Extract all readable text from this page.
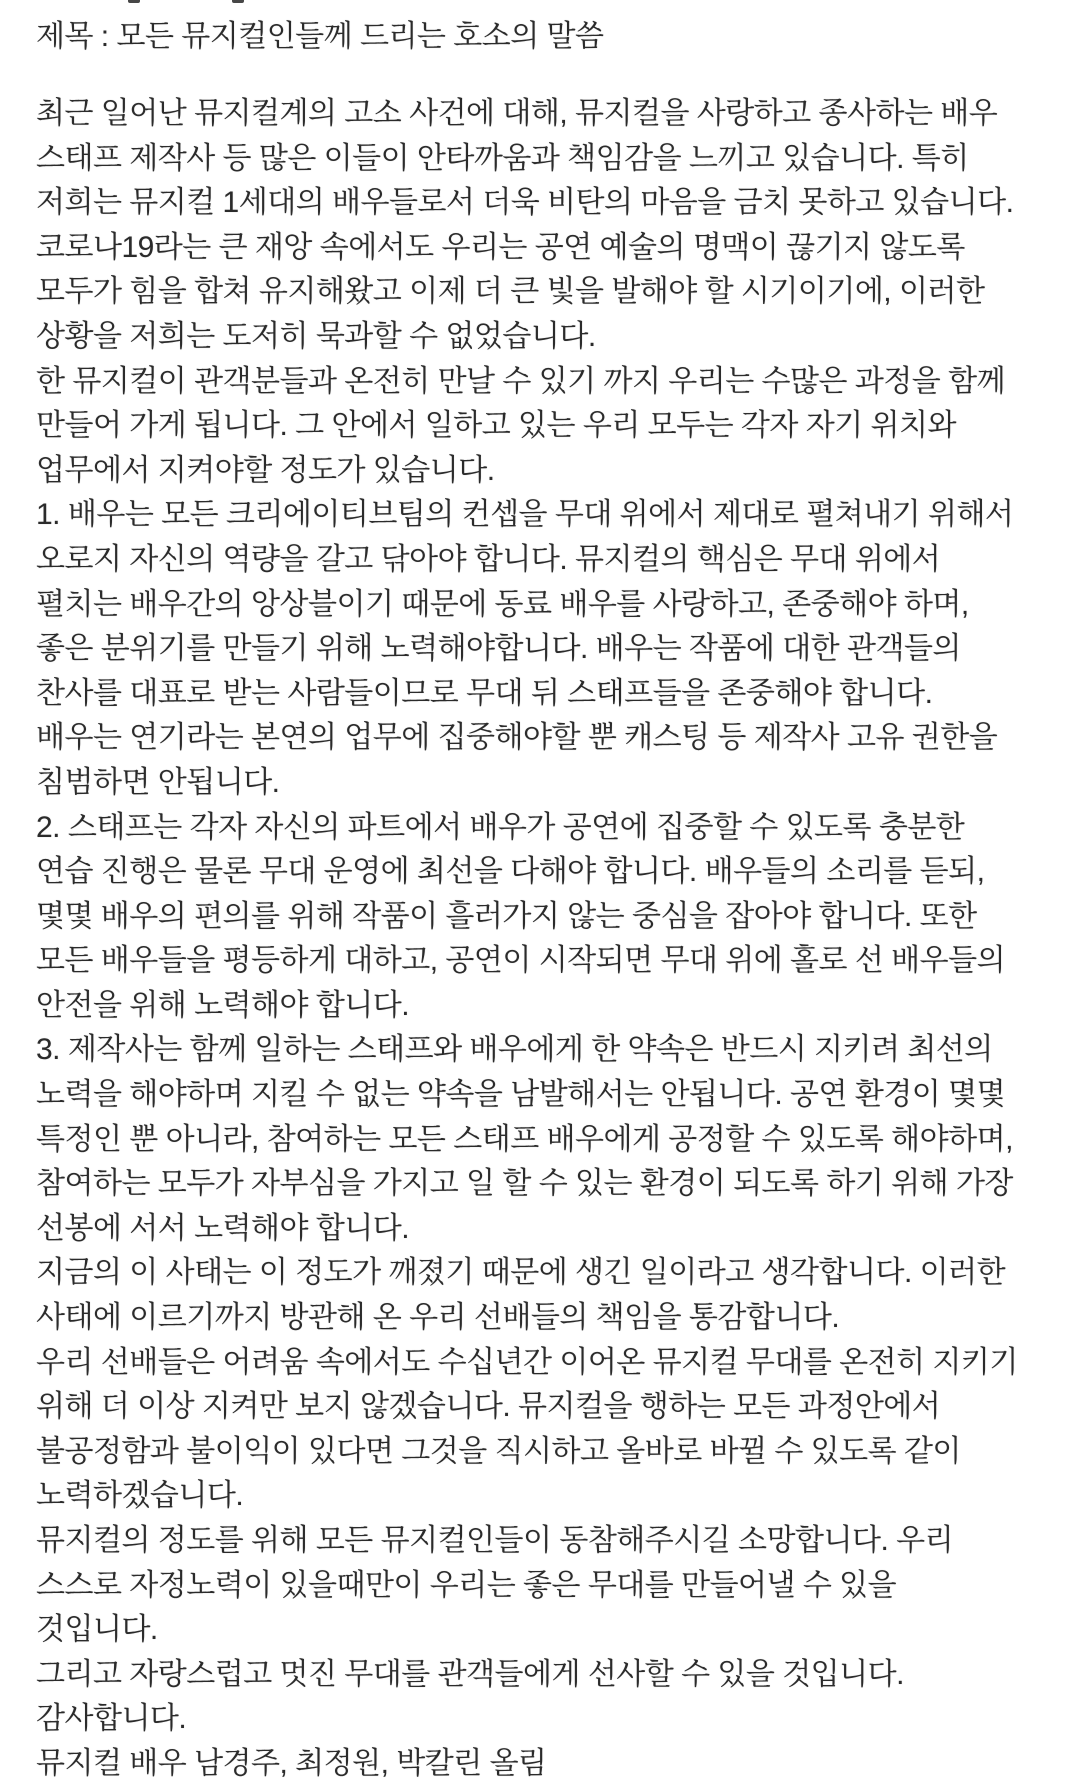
제목 : 모든 뮤지컬인들께 드리는 호소의 말씀
최근 일어난 뮤지컬계의 고소 사건에 대해, 뮤지컬을 사랑하고 종사하는 배우
스태프 제작사 등 많은 이들이 안타까움과 책임감을 느끼고 있습니다. 특히
저희는 뮤지컬 1세대의 배우들로서 더욱 비탄의 마음을 금치 못하고 있습니다.
코로나19라는 큰 재앙 속에서도 우리는 공연 예술의 명맥이 끊기지 않도록
모두가 힘을 합쳐 유지해왔고 이제 더 큰 빛을 발해야 할 시기이기에, 이러한
상황을 저희는 도저히 묵과할 수 없었습니다.
한 뮤지컬이 관객분들과 온전히 만날 수 있기 까지 우리는 수많은 과정을 함께
만들어 가게 됩니다. 그 안에서 일하고 있는 우리 모두는 각자 자기 위치와
업무에서 지켜야할 정도가 있습니다.
1. 배우는 모든 크리에이티브팀의 컨셉을 무대 위에서 제대로 펼쳐내기 위해서
오로지 자신의 역량을 갈고 닦아야 합니다. 뮤지컬의 핵심은 무대 위에서
펼치는 배우간의 앙상블이기 때문에 동료 배우를 사랑하고, 존중해야 하며,
좋은 분위기를 만들기 위해 노력해야합니다. 배우는 작품에 대한 관객들의
찬사를 대표로 받는 사람들이므로 무대 뒤 스태프들을 존중해야 합니다.
배우는 연기라는 본연의 업무에 집중해야할 뿐 캐스팅 등 제작사 고유 권한을
침범하면 안됩니다.
2. 스태프는 각자 자신의 파트에서 배우가 공연에 집중할 수 있도록 충분한
연습 진행은 물론 무대 운영에 최선을 다해야 합니다. 배우들의 소리를 듣되,
몇몇 배우의 편의를 위해 작품이 흘러가지 않는 중심을 잡아야 합니다. 또한
모든 배우들을 평등하게 대하고, 공연이 시작되면 무대 위에 홀로 선 배우들의
안전을 위해 노력해야 합니다.
3. 제작사는 함께 일하는 스태프와 배우에게 한 약속은 반드시 지키려 최선의
노력을 해야하며 지킬 수 없는 약속을 남발해서는 안됩니다. 공연 환경이 몇몇
특정인 뿐 아니라, 참여하는 모든 스태프 배우에게 공정할 수 있도록 해야하며,
참여하는 모두가 자부심을 가지고 일 할 수 있는 환경이 되도록 하기 위해 가장
선봉에 서서 노력해야 합니다.
지금의 이 사태는 이 정도가 깨졌기 때문에 생긴 일이라고 생각합니다. 이러한
사태에 이르기까지 방관해 온 우리 선배들의 책임을 통감합니다.
우리 선배들은 어려움 속에서도 수십년간 이어온 뮤지컬 무대를 온전히 지키기
위해 더 이상 지켜만 보지 않겠습니다. 뮤지컬을 행하는 모든 과정안에서
불공정함과 불이익이 있다면 그것을 직시하고 올바로 바뀔 수 있도록 같이
노력하겠습니다.
뮤지컬의 정도를 위해 모든 뮤지컬인들이 동참해주시길 소망합니다. 우리
스스로 자정노력이 있을때만이 우리는 좋은 무대를 만들어낼 수 있을
것입니다.
그리고 자랑스럽고 멋진 무대를 관객들에게 선사할 수 있을 것입니다.
감사합니다.
뮤지컬 배우 남경주, 최정원, 박칼린 올림
